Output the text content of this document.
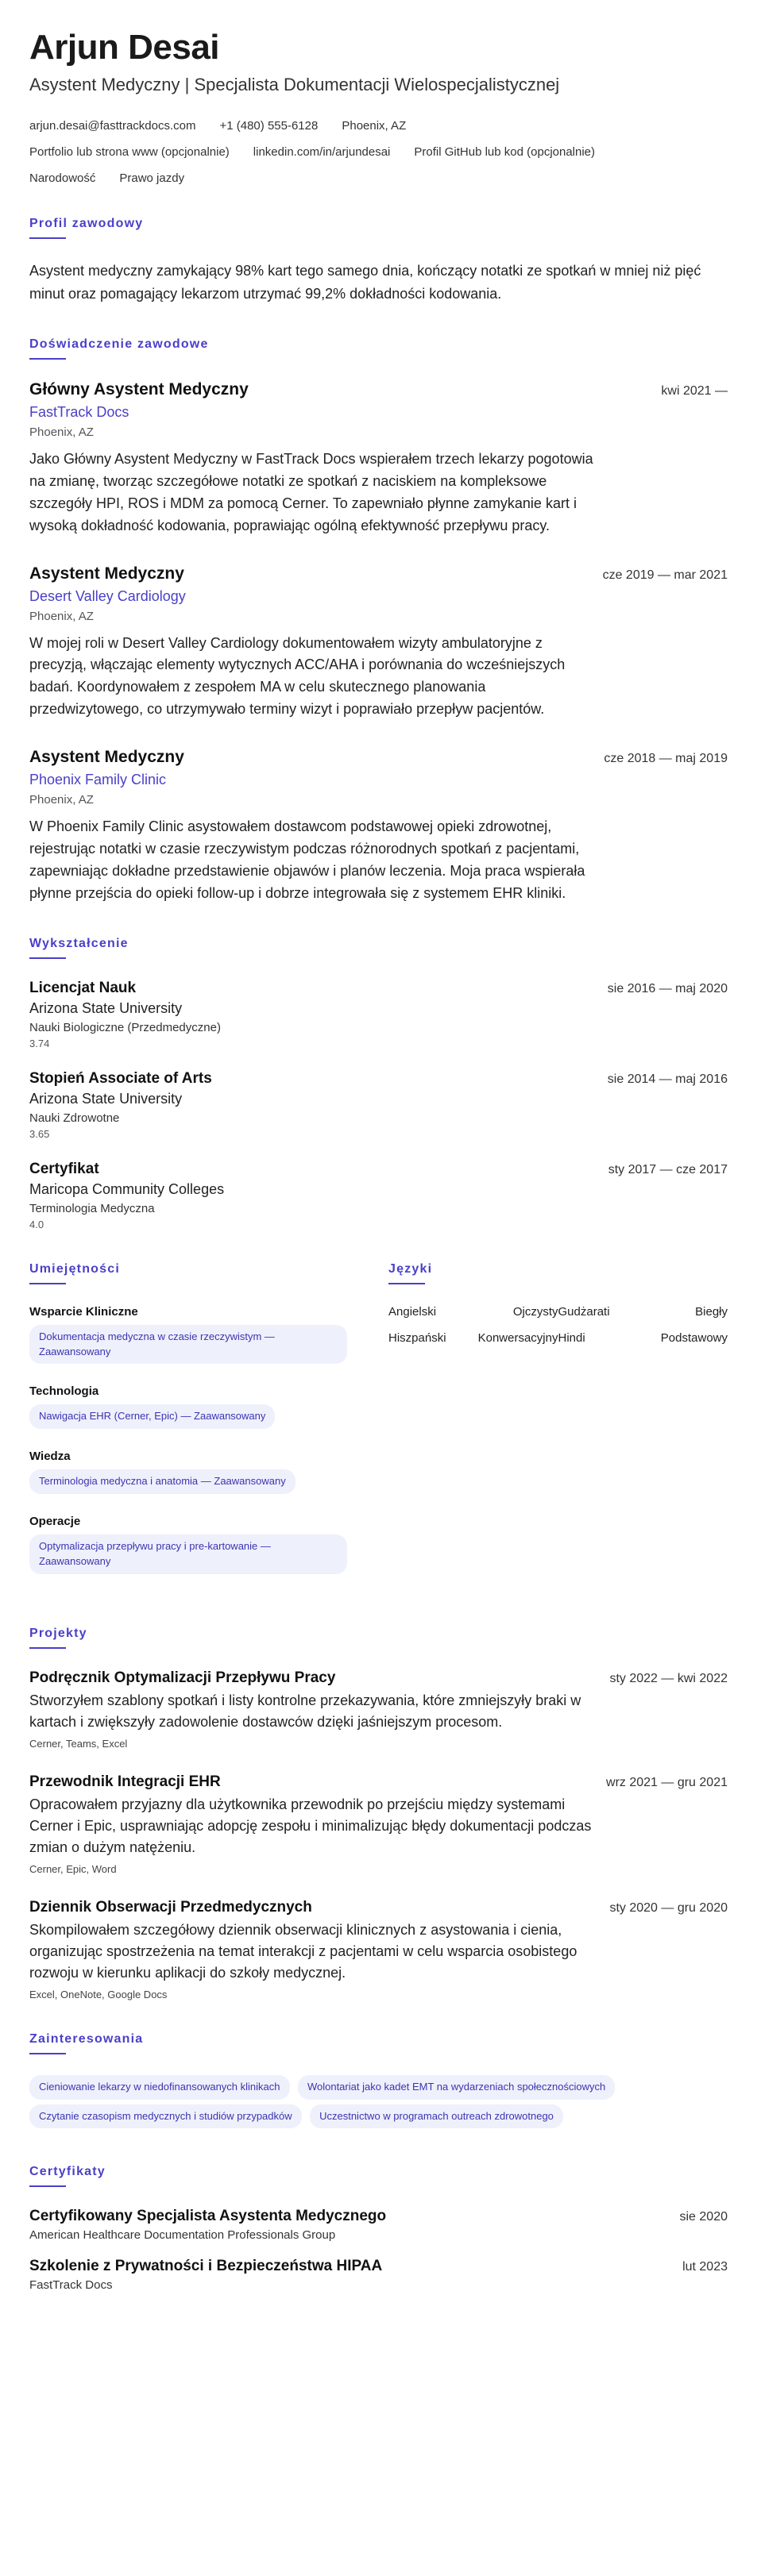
Arjun Desai
Asystent Medyczny | Specjalista Dokumentacji Wielospecjalistycznej
arjun.desai@fasttrackdocs.com +1 (480) 555-6128 Phoenix, AZ
Portfolio lub strona www (opcjonalnie) linkedin.com/in/arjundesai Profil GitHub lub kod (opcjonalnie)
Narodowość Prawo jazdy
Profil zawodowy
Asystent medyczny zamykający 98% kart tego samego dnia, kończący notatki ze spotkań w mniej niż pięć minut oraz pomagający lekarzom utrzymać 99,2% dokładności kodowania.
Doświadczenie zawodowe
Główny Asystent Medyczny	kwi 2021 —
FastTrack Docs
Phoenix, AZ
Jako Główny Asystent Medyczny w FastTrack Docs wspierałem trzech lekarzy pogotowia na zmianę, tworząc szczegółowe notatki ze spotkań z naciskiem na kompleksowe szczegóły HPI, ROS i MDM za pomocą Cerner. To zapewniało płynne zamykanie kart i wysoką dokładność kodowania, poprawiając ogólną efektywność przepływu pracy.
Asystent Medyczny	cze 2019 — mar 2021
Desert Valley Cardiology
Phoenix, AZ
W mojej roli w Desert Valley Cardiology dokumentowałem wizyty ambulatoryjne z precyzją, włączając elementy wytycznych ACC/AHA i porównania do wcześniejszych badań. Koordynowałem z zespołem MA w celu skutecznego planowania przedwizytowego, co utrzymywało terminy wizyt i poprawiało przepływ pacjentów.
Asystent Medyczny	cze 2018 — maj 2019
Phoenix Family Clinic
Phoenix, AZ
W Phoenix Family Clinic asystowałem dostawcom podstawowej opieki zdrowotnej, rejestrując notatki w czasie rzeczywistym podczas różnorodnych spotkań z pacjentami, zapewniając dokładne przedstawienie objawów i planów leczenia. Moja praca wspierała płynne przejścia do opieki follow-up i dobrze integrowała się z systemem EHR kliniki.
Wykształcenie
Licencjat Nauk	sie 2016 — maj 2020
Arizona State University
Nauki Biologiczne (Przedmedyczne)
3.74
Stopień Associate of Arts	sie 2014 — maj 2016
Arizona State University
Nauki Zdrowotne
3.65
Certyfikat	sty 2017 — cze 2017
Maricopa Community Colleges
Terminologia Medyczna
4.0
Umiejętności
Wsparcie Kliniczne
Dokumentacja medyczna w czasie rzeczywistym — Zaawansowany
Technologia
Nawigacja EHR (Cerner, Epic) — Zaawansowany
Wiedza
Terminologia medyczna i anatomia — Zaawansowany
Operacje
Optymalizacja przepływu pracy i pre-kartowanie — Zaawansowany
Języki
Angielski	Ojczysty Gudżarati	Biegły
Hiszpański	Konwersacyjny Hindi	Podstawowy
Projekty
Podręcznik Optymalizacji Przepływu Pracy	sty 2022 — kwi 2022
Stworzyłem szablony spotkań i listy kontrolne przekazywania, które zmniejszyły braki w kartach i zwiększyły zadowolenie dostawców dzięki jaśniejszym procesom.
Cerner, Teams, Excel
Przewodnik Integracji EHR	wrz 2021 — gru 2021
Opracowałem przyjazny dla użytkownika przewodnik po przejściu między systemami Cerner i Epic, usprawniając adopcję zespołu i minimalizując błędy dokumentacji podczas zmian o dużym natężeniu.
Cerner, Epic, Word
Dziennik Obserwacji Przedmedycznych	sty 2020 — gru 2020
Skompilowałem szczegółowy dziennik obserwacji klinicznych z asystowania i cienia, organizując spostrzeżenia na temat interakcji z pacjentami w celu wsparcia osobistego rozwoju w kierunku aplikacji do szkoły medycznej.
Excel, OneNote, Google Docs
Zainteresowania
Cieniowanie lekarzy w niedofinansowanych klinikach	Wolontariat jako kadet EMT na wydarzeniach społecznościowych Czytanie czasopism medycznych i studiów przypadków	Uczestnictwo w programach outreach zdrowotnego
Certyfikaty
Certyfikowany Specjalista Asystenta Medycznego	sie 2020
American Healthcare Documentation Professionals Group
Szkolenie z Prywatności i Bezpieczeństwa HIPAA	lut 2023
FastTrack Docs
